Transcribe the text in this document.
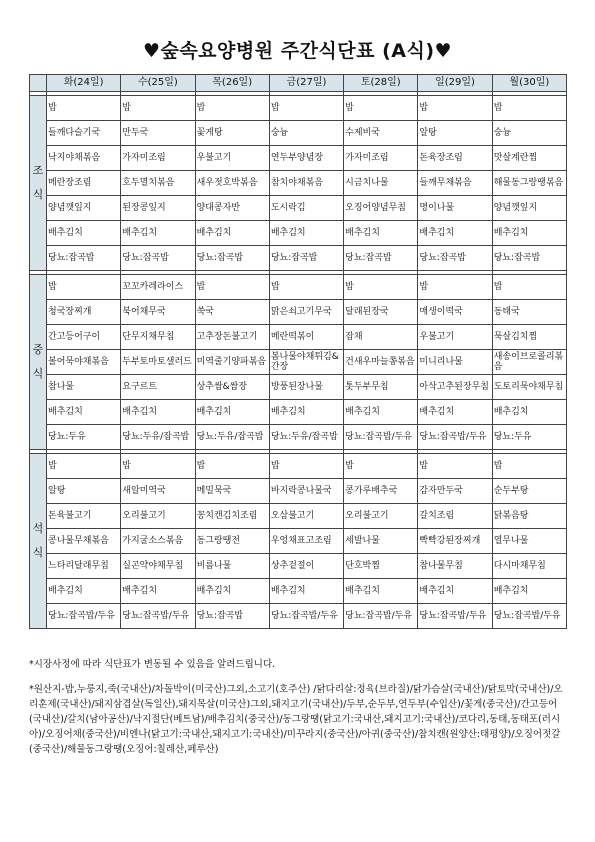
♥숲속요양병원 주간식단표 (A식)♥
	화(24일)	수(25일)	목(26일)	금(27일)	토(28일)	일(29일)	월(30일)

조

식	밥	밥	밥	밥	밥	밥	밥
	들깨다슬기국	만두국	꽃게탕	숭늉	수제비국	알탕	숭늉
	낙지야채볶음	가자미조림	우불고기	연두부양념장	가자미조림	돈육장조림	맛살계란찜
	메란장조림	호두멸치볶음	새우젓호박볶음	참치야채볶음	시금치나물	들깨무채볶음	해물동그랑땡볶음
	양념깻잎지	된장콩잎지	양대콩자반	도시락김	오징어양념무침	명이나물	양념깻잎지
	배추김치	배추김치	배추김치	배추김치	배추김치	배추김치	배추김치
	당뇨:잡곡밥	당뇨:잡곡밥	당뇨:잡곡밥	당뇨:잡곡밥	당뇨:잡곡밥	당뇨:잡곡밥	당뇨:잡곡밥

중

식	밥	꼬꼬카레라이스	밥	밥	밥	밥	밥
	청국장찌개	북어채무국	쑥국	맑은쇠고기무국	달래된장국	매생이떡국	동태국
	간고등어구이	단무지채무침	고추장돈불고기	메란떡볶이	잡채	우불고기	묵살김치찜
	볼어묵야채볶음	두부토마토샐러드	미역줄기양파볶음	봄나물야채튀김&간장	건새우마늘쫑볶음	미니리나물	새송이브로콜리볶음
	참나물	요구르트	상추쌈&쌈장	방풍된장나물	톳두부무침	아삭고추된장무침	도토리묵야채무침
	배추김치	배추김치	배추김치	배추김치	배추김치	배추김치	배추김치
	당뇨:두유	당뇨:두유/잡곡밥	당뇨:두유/잡곡밥	당뇨:두유/잡곡밥	당뇨:잡곡밥/두유	당뇨:잡곡밥/두유	당뇨:두유

석

식	밥	밥	밥	밥	밥	밥	밥
	알탕	새알미역국	메밀묵국	바지락콩나물국	콩가루배추국	감자만두국	순두부탕
	돈육불고기	오리불고기	꽁치캔김치조림	오삼불고기	오리불고기	갈치조림	닭볶음탕
	콩나물무채볶음	가지굴소스볶음	동그랑땡전	우엉채표고조림	세발나물	빡빡강된장찌개	열무나물
	느타리달래무침	실곤약야채무침	비름나물	상추겉절이	단호박찜	참나물무침	다시마채무침
	배추김치	배추김치	배추김치	배추김치	배추김치	배추김치	배추김치
	당뇨:잡곡밥/두유	당뇨:잡곡밥/두유	당뇨:잡곡밥	당뇨:잡곡밥/두유	당뇨:잡곡밥/두유	당뇨:잡곡밥/두유	당뇨:잡곡밥/두유
*시장사정에 따라 식단표가 변동될 수 있음을 알려드립니다.
*원산지-밥,누룽지,죽(국내산)/차돌박이(미국산)그외,소고기(호주산) /닭다리살:정육(브라질)/닭가슴살(국내산)/닭토막(국내산)/오리훈제(국내산)/돼지삼겹살(독일산),돼지목살(미국산)그외,돼지고기(국내산)/두부,순두부,연두부(수입산)/꽃게(중국산)/간고등어(국내산)/갈치(남아공산)/낙지절단(베트남)/배추김치(중국산)/동그랑땡(닭고기:국내산,돼지고기:국내산)/코다리,동태,동태포(러시아)/오징어채(중국산)/비엔나(닭고기:국내산,돼지고기:국내산)/미꾸라지(중국산)/아귀(중국산)/참치캔(원양산:태평양)/오징어젓갈(중국산)/해물동그랑땡(오징어:칠레산,페루산)
